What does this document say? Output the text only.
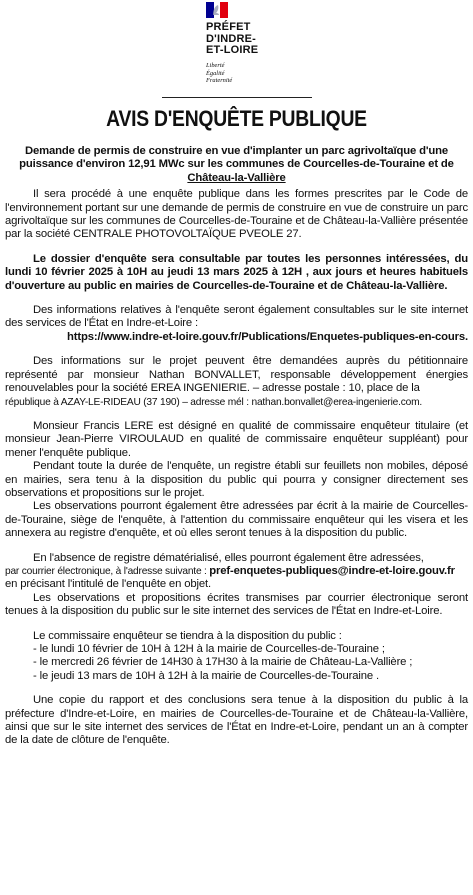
PRÉFET
D'INDRE-
ET-LOIRE
Liberté
Égalité
Fraternité
AVIS D'ENQUÊTE PUBLIQUE

Demande de permis de construire en vue d'implanter un parc agrivoltaïque d'une puissance d'environ 12,91 MWc sur les communes de Courcelles-de-Touraine et de Château-la-Vallière

Il sera procédé à une enquête publique dans les formes prescrites par le Code de l'environnement portant sur une demande de permis de construire en vue de construire un parc agrivoltaïque sur les communes de Courcelles-de-Touraine et de Château-la-Vallière présentée par la société CENTRALE PHOTOVOLTAÏQUE PVEOLE 27.

Le dossier d'enquête sera consultable par toutes les personnes intéressées, du lundi 10 février 2025 à 10H au jeudi 13 mars 2025 à 12H , aux jours et heures habituels d'ouverture au public en mairies de Courcelles-de-Touraine et de Château-la-Vallière.

Des informations relatives à l'enquête seront également consultables sur le site internet des services de l'État en Indre-et-Loire :

https://www.indre-et-loire.gouv.fr/Publications/Enquetes-publiques-en-cours.

Des informations sur le projet peuvent être demandées auprès du pétitionnaire représenté par monsieur Nathan BONVALLET, responsable développement énergies renouvelables pour la société EREA INGENIERIE. – adresse postale : 10, place de la

république à AZAY-LE-RIDEAU (37 190) – adresse mél : nathan.bonvallet@erea-ingenierie.com.

Monsieur Francis LERE est désigné en qualité de commissaire enquêteur titulaire (et monsieur Jean-Pierre VIROULAUD en qualité de commissaire enquêteur suppléant) pour mener l'enquête publique.

Pendant toute la durée de l'enquête, un registre établi sur feuillets non mobiles, déposé en mairies, sera tenu à la disposition du public qui pourra y consigner directement ses observations et propositions sur le projet.

Les observations pourront également être adressées par écrit à la mairie de Courcelles-de-Touraine, siège de l'enquête, à l'attention du commissaire enquêteur qui les visera et les annexera au registre d'enquête, et où elles seront tenues à la disposition du public.

En l'absence de registre dématérialisé, elles pourront également être adressées,

par courrier électronique, à l'adresse suivante : pref-enquetes-publiques@indre-et-loire.gouv.fr

en précisant l'intitulé de l'enquête en objet.

Les observations et propositions écrites transmises par courrier électronique seront tenues à la disposition du public sur le site internet des services de l'État en Indre-et-Loire.

Le commissaire enquêteur se tiendra à la disposition du public :

- le lundi 10 février de 10H à 12H à la mairie de Courcelles-de-Touraine ;
- le mercredi 26 février de 14H30 à 17H30 à la mairie de Château-La-Vallière ;
- le jeudi 13 mars de 10H à 12H à la mairie de Courcelles-de-Touraine .

Une copie du rapport et des conclusions sera tenue à la disposition du public à la préfecture d'Indre-et-Loire, en mairies de Courcelles-de-Touraine et de Château-la-Vallière, ainsi que sur le site internet des services de l'État en Indre-et-Loire, pendant un an à compter de la date de clôture de l'enquête.
